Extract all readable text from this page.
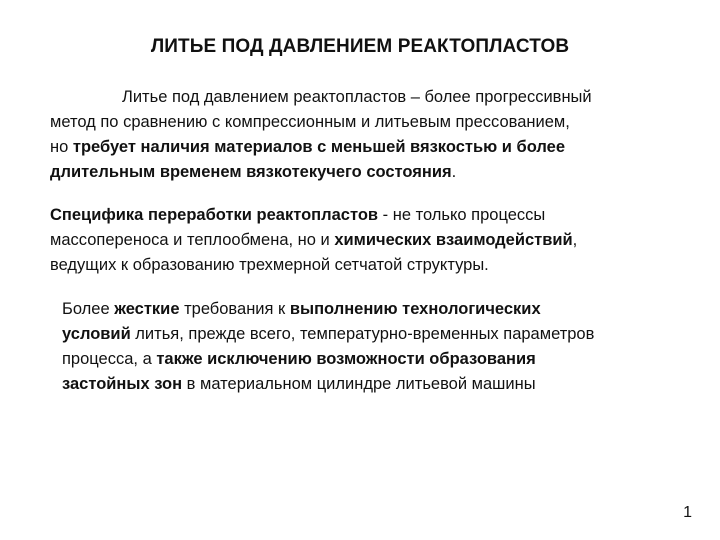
ЛИТЬЕ ПОД ДАВЛЕНИЕМ РЕАКТОПЛАСТОВ
Литье под давлением реактопластов – более прогрессивный
метод по сравнению с компрессионным и литьевым прессованием,
но требует наличия материалов с меньшей вязкостью и более
длительным временем вязкотекучего состояния.
Специфика переработки реактопластов - не только процессы
массопереноса и теплообмена, но и химических взаимодействий,
ведущих к образованию трехмерной сетчатой структуры.
Более жесткие требования к выполнению технологических
условий литья, прежде всего, температурно-временных параметров
процесса, а также исключению возможности образования
застойных зон в материальном цилиндре литьевой машины
1
